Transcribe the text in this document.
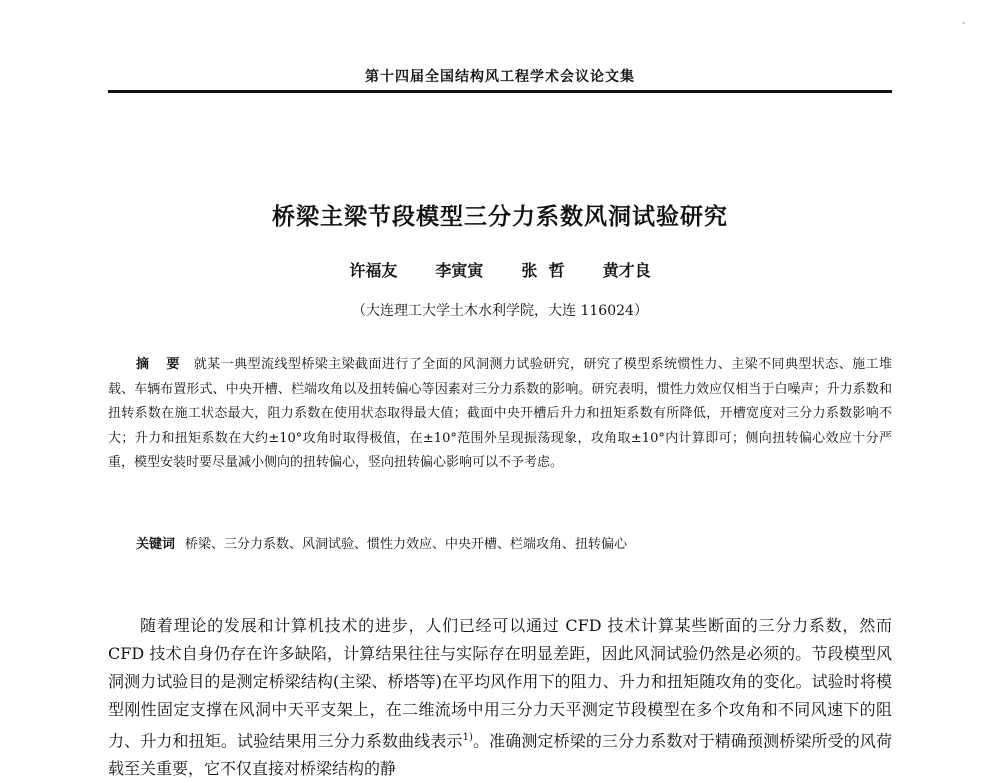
-
第十四届全国结构风工程学术会议论文集
桥梁主梁节段模型三分力系数风洞试验研究
许福友 李寅寅 张  哲 黄才良
（大连理工大学土木水利学院，大连 116024）

摘 要 就某一典型流线型桥梁主梁截面进行了全面的风洞测力试验研究，研究了模型系统惯性力、主梁不同典型状态、施工堆载、车辆布置形式、中央开槽、栏端攻角以及扭转偏心等因素对三分力系数的影响。研究表明，惯性力效应仅相当于白噪声；升力系数和扭转系数在施工状态最大，阻力系数在使用状态取得最大值；截面中央开槽后升力和扭矩系数有所降低，开槽宽度对三分力系数影响不大；升力和扭矩系数在大约±10°攻角时取得极值，在±10°范围外呈现振荡现象，攻角取±10°内计算即可；侧向扭转偏心效应十分严重，模型安装时要尽量减小侧向的扭转偏心，竖向扭转偏心影响可以不予考虑。

关键词 桥梁、三分力系数、风洞试验、惯性力效应、中央开槽、栏端攻角、扭转偏心

随着理论的发展和计算机技术的进步，人们已经可以通过 CFD 技术计算某些断面的三分力系数，然而 CFD 技术自身仍存在许多缺陷，计算结果往往与实际存在明显差距，因此风洞试验仍然是必须的。节段模型风洞测力试验目的是测定桥梁结构(主梁、桥塔等)在平均风作用下的阻力、升力和扭矩随攻角的变化。试验时将模型刚性固定支撑在风洞中天平支架上，在二维流场中用三分力天平测定节段模型在多个攻角和不同风速下的阻力、升力和扭矩。试验结果用三分力系数曲线表示$^{1)}$。准确测定桥梁的三分力系数对于精确预测桥梁所受的风荷载至关重要，它不仅直接对桥梁结构的静
